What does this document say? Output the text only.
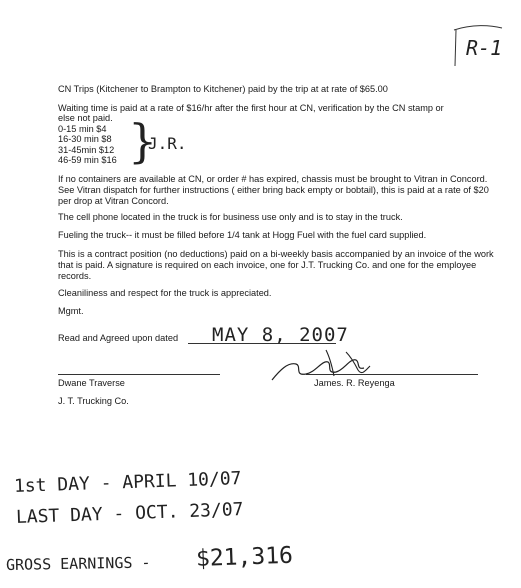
R-1
CN Trips (Kitchener to Brampton to Kitchener) paid by the trip at at rate of $65.00
Waiting time is paid at a rate of $16/hr after the first hour at CN, verification by the CN stamp or
else not paid.
0-15 min $4
16-30 min $8
31-45min $12
46-59 min $16 }
J.R.
If no containers are available at CN, or order # has expired, chassis must be brought to Vitran in Concord. See Vitran dispatch for further instructions ( either bring back empty or bobtail), this is paid at a rate of $20 per drop at Vitran Concord.
The cell phone located in the truck is for business use only and is to stay in the truck.
Fueling the truck-- it must be filled before 1/4 tank at Hogg Fuel with the fuel card supplied.
This is a contract position (no deductions) paid on a bi-weekly basis accompanied by an invoice of the work that is paid. A signature is required on each invoice, one for J.T. Trucking Co. and one for the employee records.
Cleaniliness and respect for the truck is appreciated.
Mgmt.
Read and Agreed upon dated MAY 8, 2007
Dwane Traverse	James. R. Reyenga
J. T. Trucking Co.
1st DAY - APRIL 10/07
LAST DAY - OCT. 23/07
GROSS EARNINGS - $21,316
